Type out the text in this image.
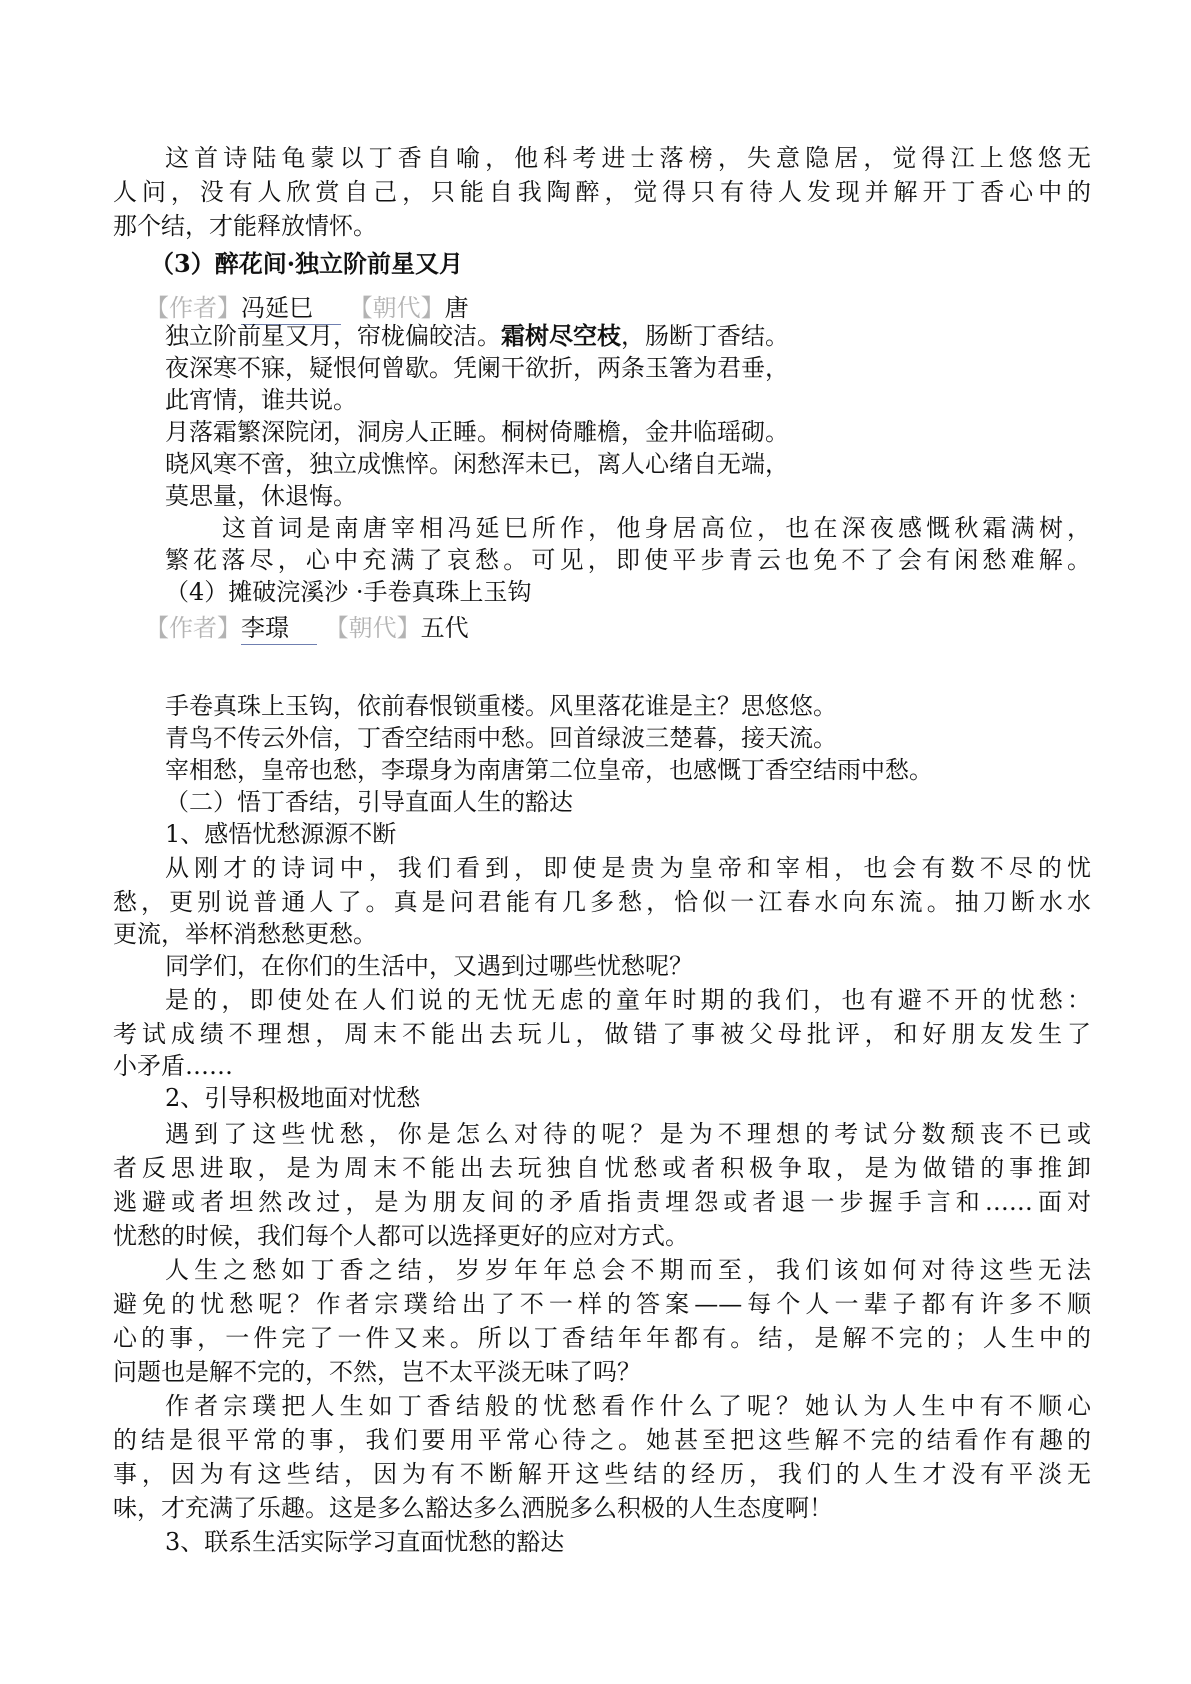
这首诗陆龟蒙以丁香自喻，他科考进士落榜，失意隐居，觉得江上悠悠无
人问，没有人欣赏自己，只能自我陶醉，觉得只有待人发现并解开丁香心中的
那个结，才能释放情怀。
（3）醉花间·独立阶前星又月
【作者】冯延巳 【朝代】唐
独立阶前星又月，帘栊偏皎洁。霜树尽空枝，肠断丁香结。
夜深寒不寐，疑恨何曾歇。凭阑干欲折，两条玉箸为君垂，
此宵情，谁共说。
月落霜繁深院闭，洞房人正睡。桐树倚雕檐，金井临瑶砌。
晓风寒不啻，独立成憔悴。闲愁浑未已，离人心绪自无端，
莫思量，休退悔。
这首词是南唐宰相冯延巳所作，他身居高位，也在深夜感慨秋霜满树，
繁花落尽，心中充满了哀愁。可见，即使平步青云也免不了会有闲愁难解。
（4）摊破浣溪沙 ·手卷真珠上玉钩
【作者】李璟 【朝代】五代
手卷真珠上玉钩，依前春恨锁重楼。风里落花谁是主？思悠悠。
青鸟不传云外信，丁香空结雨中愁。回首绿波三楚暮，接天流。
宰相愁，皇帝也愁，李璟身为南唐第二位皇帝，也感慨丁香空结雨中愁。
（二）悟丁香结，引导直面人生的豁达
1、感悟忧愁源源不断
从刚才的诗词中，我们看到，即使是贵为皇帝和宰相，也会有数不尽的忧
愁，更别说普通人了。真是问君能有几多愁，恰似一江春水向东流。抽刀断水水
更流，举杯消愁愁更愁。
同学们，在你们的生活中，又遇到过哪些忧愁呢？
是的，即使处在人们说的无忧无虑的童年时期的我们，也有避不开的忧愁：
考试成绩不理想，周末不能出去玩儿，做错了事被父母批评，和好朋友发生了
小矛盾……
2、引导积极地面对忧愁
遇到了这些忧愁，你是怎么对待的呢？是为不理想的考试分数颓丧不已或
者反思进取，是为周末不能出去玩独自忧愁或者积极争取，是为做错的事推卸
逃避或者坦然改过，是为朋友间的矛盾指责埋怨或者退一步握手言和……面对
忧愁的时候，我们每个人都可以选择更好的应对方式。
人生之愁如丁香之结，岁岁年年总会不期而至，我们该如何对待这些无法
避免的忧愁呢？作者宗璞给出了不一样的答案——每个人一辈子都有许多不顺
心的事，一件完了一件又来。所以丁香结年年都有。结，是解不完的；人生中的
问题也是解不完的，不然，岂不太平淡无味了吗？
作者宗璞把人生如丁香结般的忧愁看作什么了呢？她认为人生中有不顺心
的结是很平常的事，我们要用平常心待之。她甚至把这些解不完的结看作有趣的
事，因为有这些结，因为有不断解开这些结的经历，我们的人生才没有平淡无
味，才充满了乐趣。这是多么豁达多么洒脱多么积极的人生态度啊！
3、联系生活实际学习直面忧愁的豁达
